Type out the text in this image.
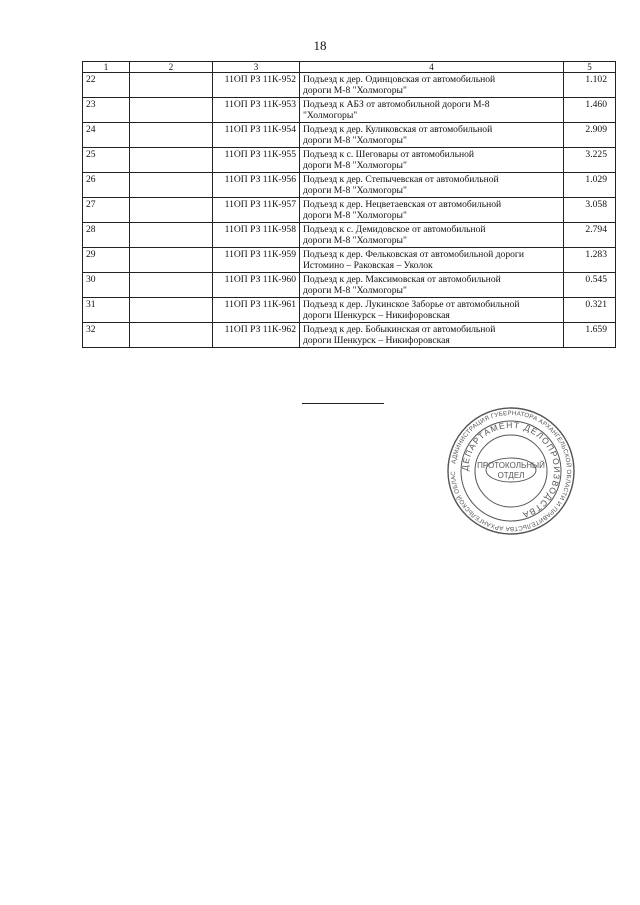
18
1	2	3	4	5
22		11ОП РЗ 11К-952	Подъезд к дер. Одинцовская от автомобильной
дороги М-8 "Холмогоры"	1.102
23		11ОП РЗ 11К-953	Подъезд к АБЗ от автомобильной дороги М-8
"Холмогоры"	1.460
24		11ОП РЗ 11К-954	Подъезд к дер. Куликовская от автомобильной
дороги М-8 "Холмогоры"	2.909
25		11ОП РЗ 11К-955	Подъезд к с. Шеговары от автомобильной
дороги М-8 "Холмогоры"	3.225
26		11ОП РЗ 11К-956	Подъезд к дер. Степычевская от автомобильной
дороги М-8 "Холмогоры"	1.029
27		11ОП РЗ 11К-957	Подъезд к дер. Нецветаевская от автомобильной
дороги М-8 "Холмогоры"	3.058
28		11ОП РЗ 11К-958	Подъезд к с. Демидовское от автомобильной
дороги М-8 "Холмогоры"	2.794
29		11ОП РЗ 11К-959	Подъезд к дер. Фельковская от автомобильной дороги
Истомино – Раковская – Уколок	1.283
30		11ОП РЗ 11К-960	Подъезд к дер. Максимовская от автомобильной
дороги М-8 "Холмогоры"	0.545
31		11ОП РЗ 11К-961	Подъезд к дер. Лукинское Заборье от автомобильной
дороги Шенкурск – Никифоровская	0.321
32		11ОП РЗ 11К-962	Подъезд к дер. Бобыкинская от автомобильной
дороги Шенкурск – Никифоровская	1.659
АДМИНИСТРАЦИЯ ГУБЕРНАТОРА АРХАНГЕЛЬСКОЙ ОБЛАСТИ И ПРАВИТЕЛЬСТВА АРХАНГЕЛЬСКОЙ ОБЛАС
ДЕПАРТАМЕНТ ДЕЛОПРОИЗВОДСТВА
ПРОТОКОЛЬНЫЙ
ОТДЕЛ
